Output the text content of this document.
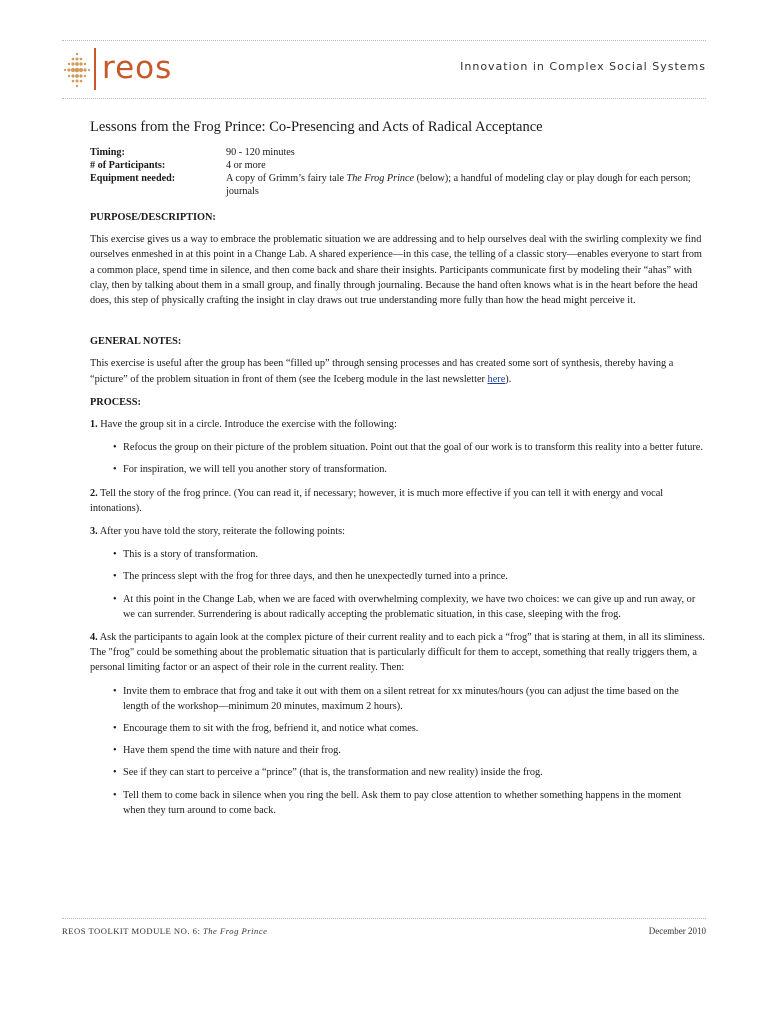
reos	Innovation in Complex Social Systems
Lessons from the Frog Prince: Co-Presencing and Acts of Radical Acceptance
Timing:	90 - 120 minutes
# of Participants:	4 or more
Equipment needed:	A copy of Grimm’s fairy tale The Frog Prince (below); a handful of modeling clay or play dough for each person; journals
PURPOSE/DESCRIPTION:

This exercise gives us a way to embrace the problematic situation we are addressing and to help ourselves deal with the swirling complexity we find ourselves enmeshed in at this point in a Change Lab. A shared experience—in this case, the telling of a classic story—enables everyone to start from a common place, spend time in silence, and then come back and share their insights. Participants communicate first by modeling their “ahas” with clay, then by talking about them in a small group, and finally through journaling. Because the hand often knows what is in the heart before the head does, this step of physically crafting the insight in clay draws out true understanding more fully than how the head might perceive it.

GENERAL NOTES:

This exercise is useful after the group has been “filled up” through sensing processes and has created some sort of synthesis, thereby having a “picture” of the problem situation in front of them (see the Iceberg module in the last newsletter here).

PROCESS:

1. Have the group sit in a circle. Introduce the exercise with the following:

• Refocus the group on their picture of the problem situation. Point out that the goal of our work is to transform this reality into a better future.
• For inspiration, we will tell you another story of transformation.

2. Tell the story of the frog prince. (You can read it, if necessary; however, it is much more effective if you can tell it with energy and vocal intonations).

3. After you have told the story, reiterate the following points:

• This is a story of transformation.
• The princess slept with the frog for three days, and then he unexpectedly turned into a prince.
• At this point in the Change Lab, when we are faced with overwhelming complexity, we have two choices: we can give up and run away, or we can surrender. Surrendering is about radically accepting the problematic situation, in this case, sleeping with the frog.

4. Ask the participants to again look at the complex picture of their current reality and to each pick a “frog” that is staring at them, in all its sliminess. The "frog" could be something about the problematic situation that is particularly difficult for them to accept, something that really triggers them, a personal limiting factor or an aspect of their role in the current reality. Then:

• Invite them to embrace that frog and take it out with them on a silent retreat for xx minutes/hours (you can adjust the time based on the length of the workshop—minimum 20 minutes, maximum 2 hours).
• Encourage them to sit with the frog, befriend it, and notice what comes.
• Have them spend the time with nature and their frog.
• See if they can start to perceive a “prince” (that is, the transformation and new reality) inside the frog.
• Tell them to come back in silence when you ring the bell. Ask them to pay close attention to whether something happens in the moment when they turn around to come back.
REOS TOOLKIT MODULE NO. 6: The Frog Prince	December 2010
